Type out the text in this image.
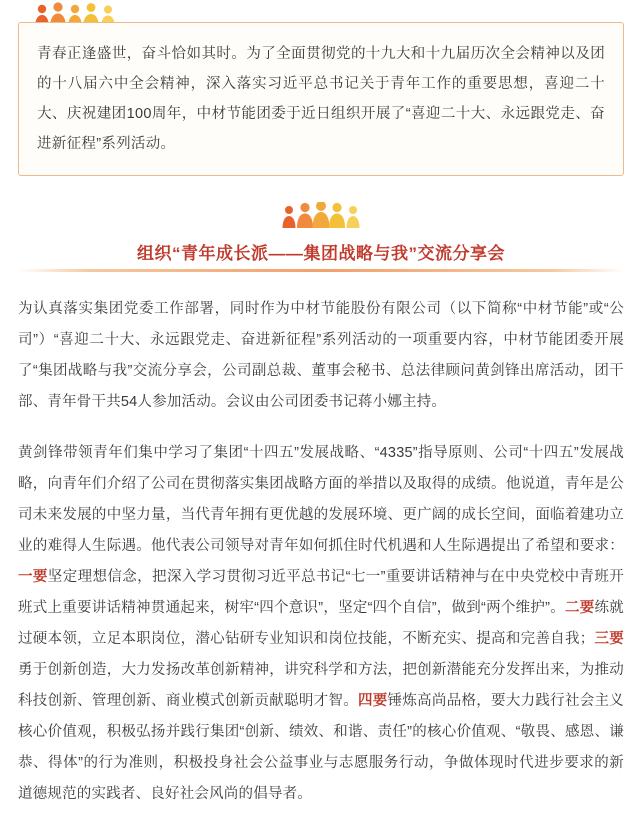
青春正逢盛世，奋斗恰如其时。为了全面贯彻党的十九大和十九届历次全会精神以及团的十八届六中全会精神，深入落实习近平总书记关于青年工作的重要思想，喜迎二十大、庆祝建团100周年，中材节能团委于近日组织开展了“喜迎二十大、永远跟党走、奋进新征程”系列活动。

组织“青年成长派——集团战略与我”交流分享会

为认真落实集团党委工作部署，同时作为中材节能股份有限公司（以下简称“中材节能”或“公司”）“喜迎二十大、永远跟党走、奋进新征程”系列活动的一项重要内容，中材节能团委开展了“集团战略与我”交流分享会，公司副总裁、董事会秘书、总法律顾问黄剑锋出席活动，团干部、青年骨干共54人参加活动。会议由公司团委书记蒋小娜主持。

黄剑锋带领青年们集中学习了集团“十四五”发展战略、“4335”指导原则、公司“十四五”发展战略，向青年们介绍了公司在贯彻落实集团战略方面的举措以及取得的成绩。他说道，青年是公司未来发展的中坚力量，当代青年拥有更优越的发展环境、更广阔的成长空间，面临着建功立业的难得人生际遇。他代表公司领导对青年如何抓住时代机遇和人生际遇提出了希望和要求：一要坚定理想信念，把深入学习贯彻习近平总书记“七一”重要讲话精神与在中央党校中青班开班式上重要讲话精神贯通起来，树牢“四个意识”，坚定“四个自信”，做到“两个维护”。二要练就过硬本领，立足本职岗位，潜心钻研专业知识和岗位技能，不断充实、提高和完善自我；三要勇于创新创造，大力发扬改革创新精神，讲究科学和方法，把创新潜能充分发挥出来，为推动科技创新、管理创新、商业模式创新贡献聪明才智。四要锤炼高尚品格，要大力践行社会主义核心价值观，积极弘扬并践行集团“创新、绩效、和谐、责任”的核心价值观、“敬畏、感恩、谦恭、得体”的行为准则，积极投身社会公益事业与志愿服务行动，争做体现时代进步要求的新道德规范的实践者、良好社会风尚的倡导者。
